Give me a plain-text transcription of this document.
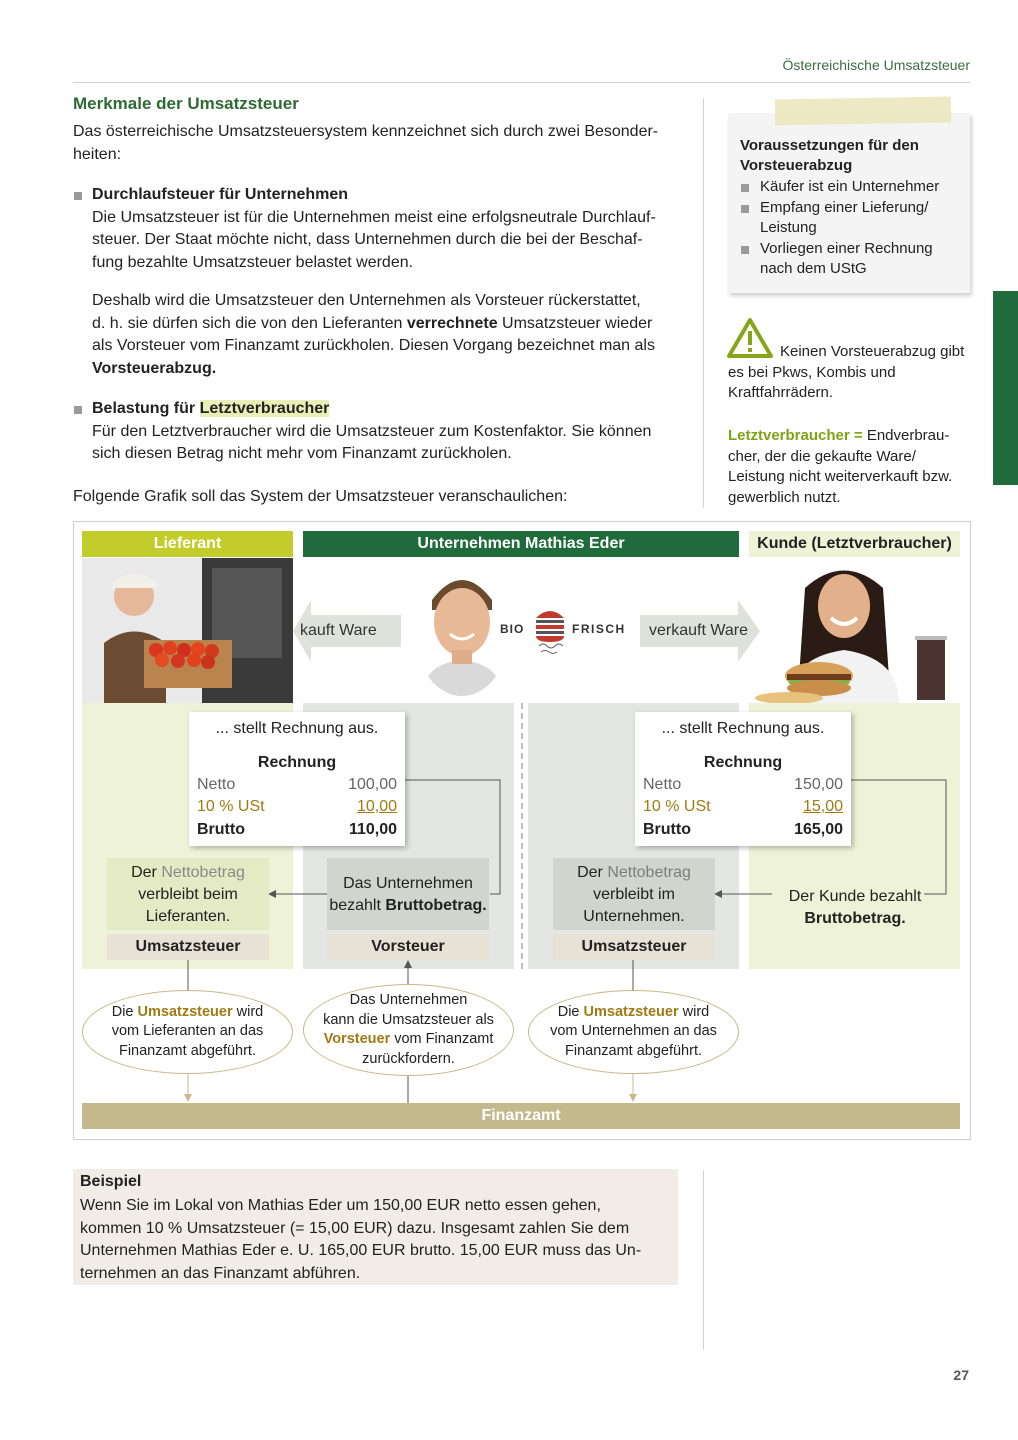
Österreichische Umsatzsteuer
Merkmale der Umsatzsteuer
Das österreichische Umsatzsteuersystem kennzeichnet sich durch zwei Besonder-
heiten:
Durchlaufsteuer für Unternehmen
Die Umsatzsteuer ist für die Unternehmen meist eine erfolgsneutrale Durchlauf-
steuer. Der Staat möchte nicht, dass Unternehmen durch die bei der Beschaf-
fung bezahlte Umsatzsteuer belastet werden.
Deshalb wird die Umsatzsteuer den Unternehmen als Vorsteuer rückerstattet,
d. h. sie dürfen sich die von den Lieferanten verrechnete Umsatzsteuer wieder
als Vorsteuer vom Finanzamt zurückholen. Diesen Vorgang bezeichnet man als
Vorsteuerabzug.
Belastung für Letztverbraucher
Für den Letztverbraucher wird die Umsatzsteuer zum Kostenfaktor. Sie können
sich diesen Betrag nicht mehr vom Finanzamt zurückholen.
Folgende Grafik soll das System der Umsatzsteuer veranschaulichen:
Voraussetzungen für den
Vorsteuerabzug
Käufer ist ein Unternehmer
Empfang einer Lieferung/
Leistung
Vorliegen einer Rechnung
nach dem UStG
Keinen Vorsteuerabzug gibt es bei Pkws, Kombis und Kraftfahrrädern.
Letztverbraucher = Endverbrau- cher, der die gekaufte Ware/ Leistung nicht weiterverkauft bzw. gewerblich nutzt.
Lieferant	Unternehmen Mathias Eder	Kunde (Letztverbraucher)
BIO	FRISCH
kauft Ware	verkauft Ware
... stellt Rechnung aus.
Rechnung
Netto	100,00
10 % USt	10,00
Brutto	110,00
... stellt Rechnung aus.
Rechnung
Netto	150,00
10 % USt	15,00
Brutto	165,00
Der Nettobetrag
verbleibt beim
Lieferanten.
Das Unternehmen
bezahlt Bruttobetrag.
Der Nettobetrag
verbleibt im
Unternehmen.
Der Kunde bezahlt
Bruttobetrag.
Umsatzsteuer	Vorsteuer	Umsatzsteuer
Die Umsatzsteuer wird
vom Lieferanten an das
Finanzamt abgeführt.
Das Unternehmen
kann die Umsatzsteuer als
Vorsteuer vom Finanzamt
zurückfordern.
Die Umsatzsteuer wird
vom Unternehmen an das
Finanzamt abgeführt.
Finanzamt
Beispiel
Wenn Sie im Lokal von Mathias Eder um 150,00 EUR netto essen gehen,
kommen 10 % Umsatzsteuer (= 15,00 EUR) dazu. Insgesamt zahlen Sie dem
Unternehmen Mathias Eder e. U. 165,00 EUR brutto. 15,00 EUR muss das Un-
ternehmen an das Finanzamt abführen.
27
